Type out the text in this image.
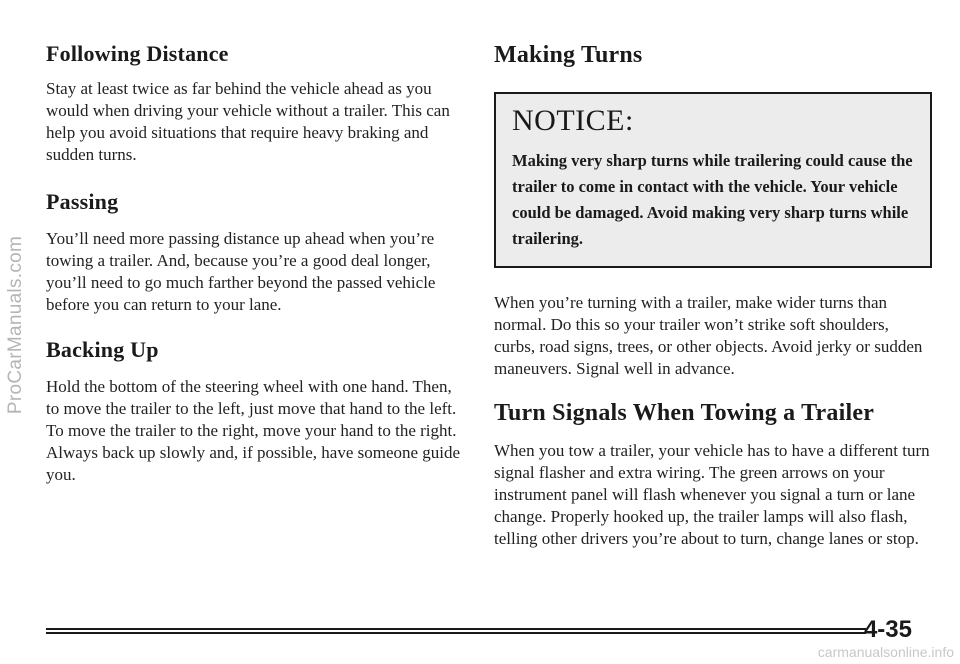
ProCarManuals.com
Following Distance

Stay at least twice as far behind the vehicle ahead as you would when driving your vehicle without a trailer. This can help you avoid situations that require heavy braking and sudden turns.

Passing

You’ll need more passing distance up ahead when you’re towing a trailer. And, because you’re a good deal longer, you’ll need to go much farther beyond the passed vehicle before you can return to your lane.

Backing Up

Hold the bottom of the steering wheel with one hand. Then, to move the trailer to the left, just move that hand to the left. To move the trailer to the right, move your hand to the right. Always back up slowly and, if possible, have someone guide you.

Making Turns
NOTICE:
Making very sharp turns while trailering could cause the trailer to come in contact with the vehicle. Your vehicle could be damaged. Avoid making very sharp turns while trailering.

When you’re turning with a trailer, make wider turns than normal. Do this so your trailer won’t strike soft shoulders, curbs, road signs, trees, or other objects. Avoid jerky or sudden maneuvers. Signal well in advance.

Turn Signals When Towing a Trailer

When you tow a trailer, your vehicle has to have a different turn signal flasher and extra wiring. The green arrows on your instrument panel will flash whenever you signal a turn or lane change. Properly hooked up, the trailer lamps will also flash, telling other drivers you’re about to turn, change lanes or stop.

4-35
carmanualsonline.info
